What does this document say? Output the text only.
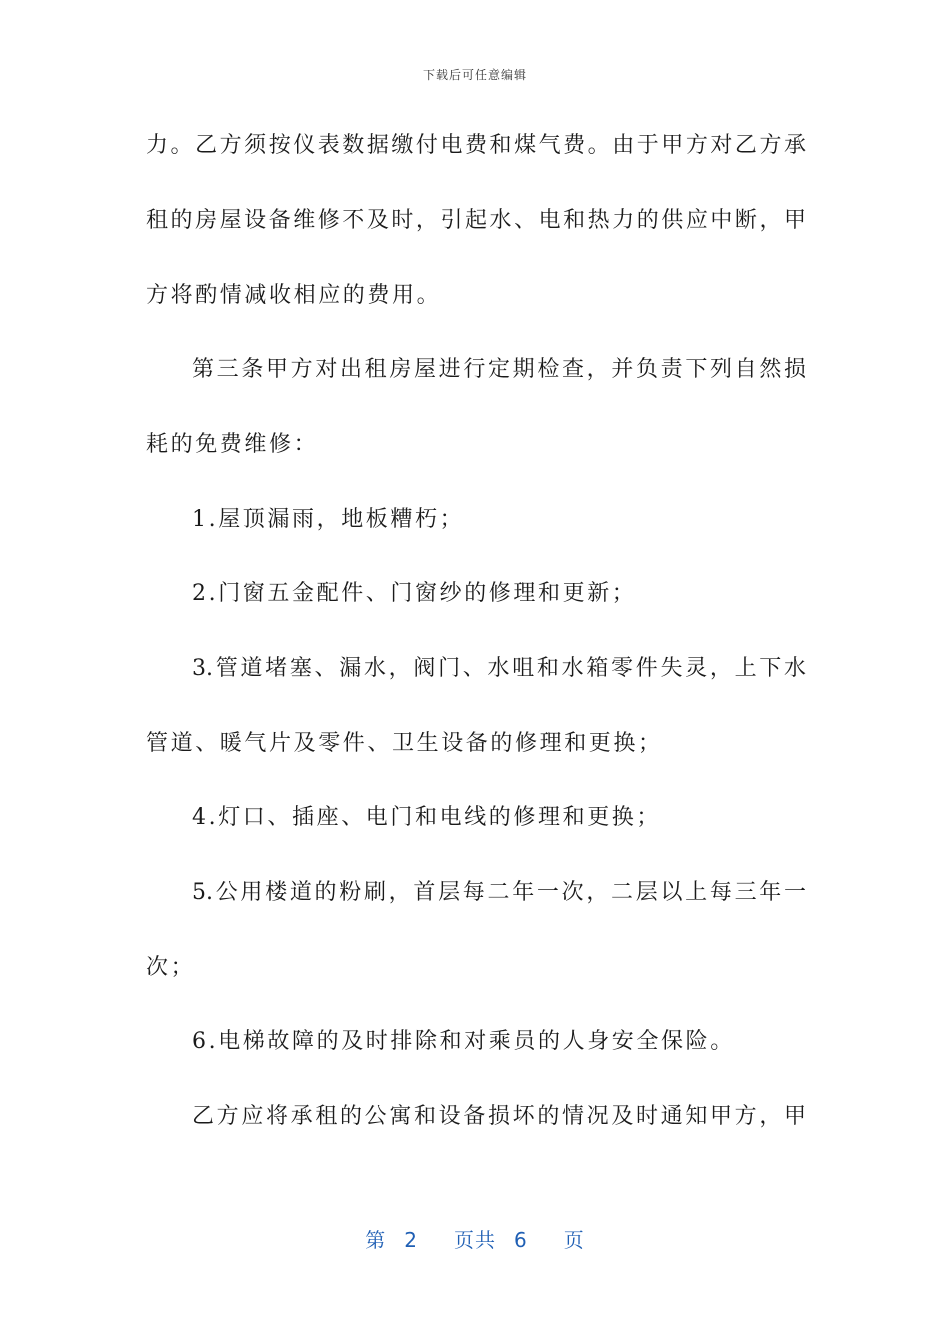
下载后可任意编辑
力。乙方须按仪表数据缴付电费和煤气费。由于甲方对乙方承
租的房屋设备维修不及时，引起水、电和热力的供应中断，甲
方将酌情减收相应的费用。
第三条甲方对出租房屋进行定期检查，并负责下列自然损
耗的免费维修：
1.屋顶漏雨，地板糟朽；
2.门窗五金配件、门窗纱的修理和更新；
3.管道堵塞、漏水，阀门、水咀和水箱零件失灵，上下水
管道、暖气片及零件、卫生设备的修理和更换；
4.灯口、插座、电门和电线的修理和更换；
5.公用楼道的粉刷，首层每二年一次，二层以上每三年一
次；
6.电梯故障的及时排除和对乘员的人身安全保险。
乙方应将承租的公寓和设备损坏的情况及时通知甲方，甲
第 2 页共 6 页
